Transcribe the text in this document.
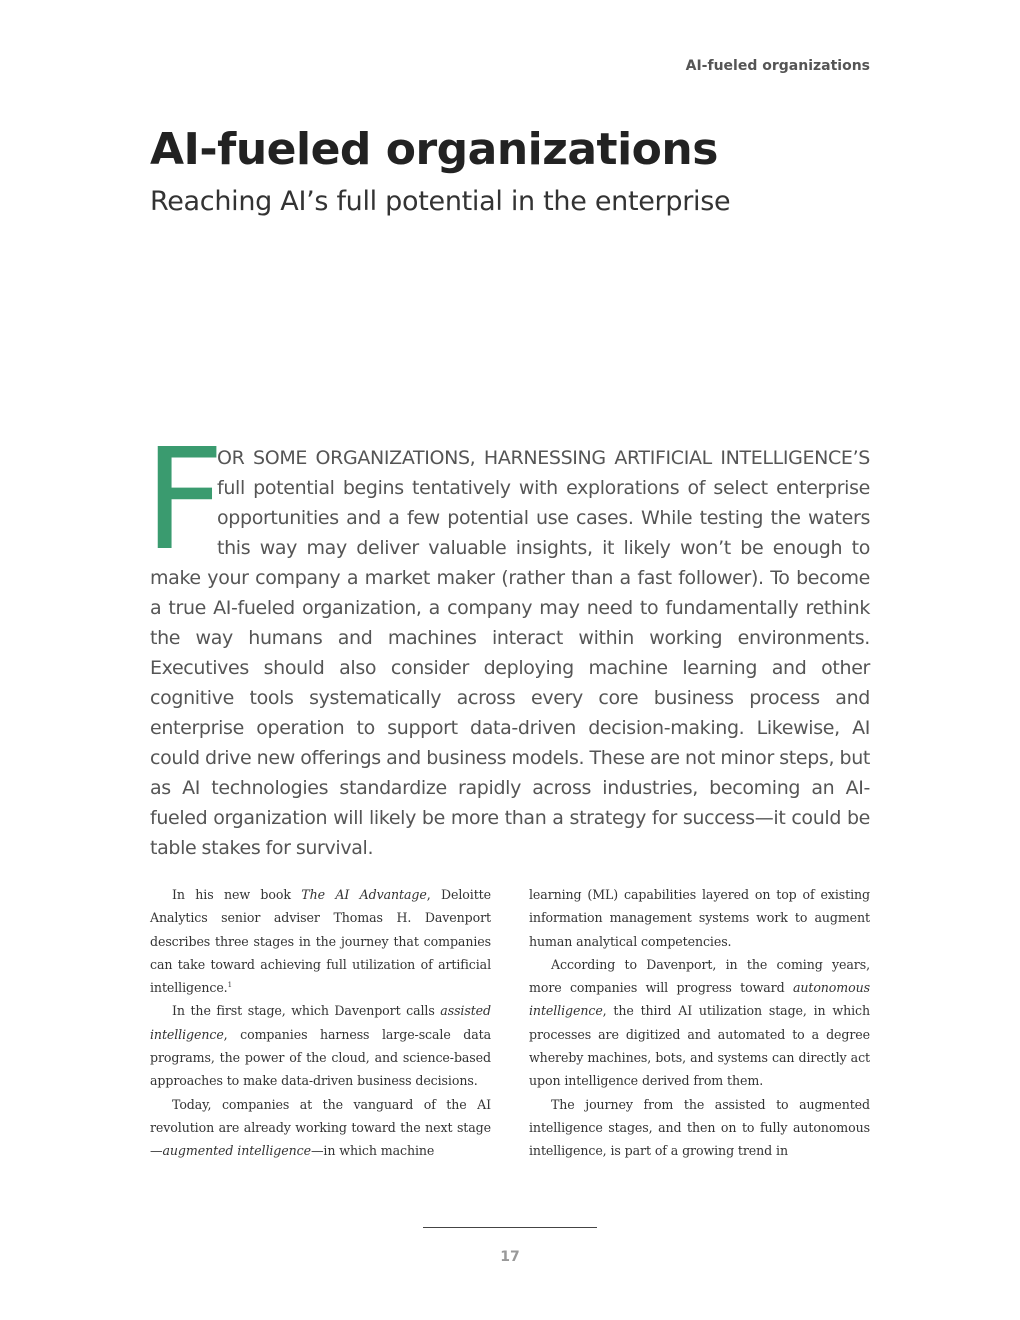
AI-fueled organizations
AI-fueled organizations
Reaching AI’s full potential in the enterprise

F
OR SOME ORGANIZATIONS, HARNESSING ARTIFICIAL INTELLIGENCE’S full potential begins tentatively with explorations of select enterprise opportunities and a few potential use cases. While testing the waters this way may deliver valuable insights, it likely won’t be enough to make your company a market maker (rather than a fast follower). To become a true AI-fueled organization, a company may need to fundamentally rethink the way humans and machines interact within working environments. Executives should also consider deploying machine learning and other cognitive tools systematically across every core business process and enterprise operation to support data-driven decision-making. Likewise, AI could drive new offerings and business models. These are not minor steps, but as AI technologies standardize rapidly across industries, becoming an AI-fueled organization will likely be more than a strategy for success—it could be table stakes for survival.

In his new book The AI Advantage, Deloitte Analytics senior adviser Thomas H. Davenport describes three stages in the journey that companies can take toward achieving full utilization of artificial intelligence.$^1$

In the first stage, which Davenport calls assisted intelligence, companies harness large-scale data programs, the power of the cloud, and science-based approaches to make data-driven business decisions.

Today, companies at the vanguard of the AI revolution are already working toward the next stage—augmented intelligence—in which machine

learning (ML) capabilities layered on top of existing information management systems work to augment human analytical competencies.

According to Davenport, in the coming years, more companies will progress toward autonomous intelligence, the third AI utilization stage, in which processes are digitized and automated to a degree whereby machines, bots, and systems can directly act upon intelligence derived from them.

The journey from the assisted to augmented intelligence stages, and then on to fully autonomous intelligence, is part of a growing trend in

17
